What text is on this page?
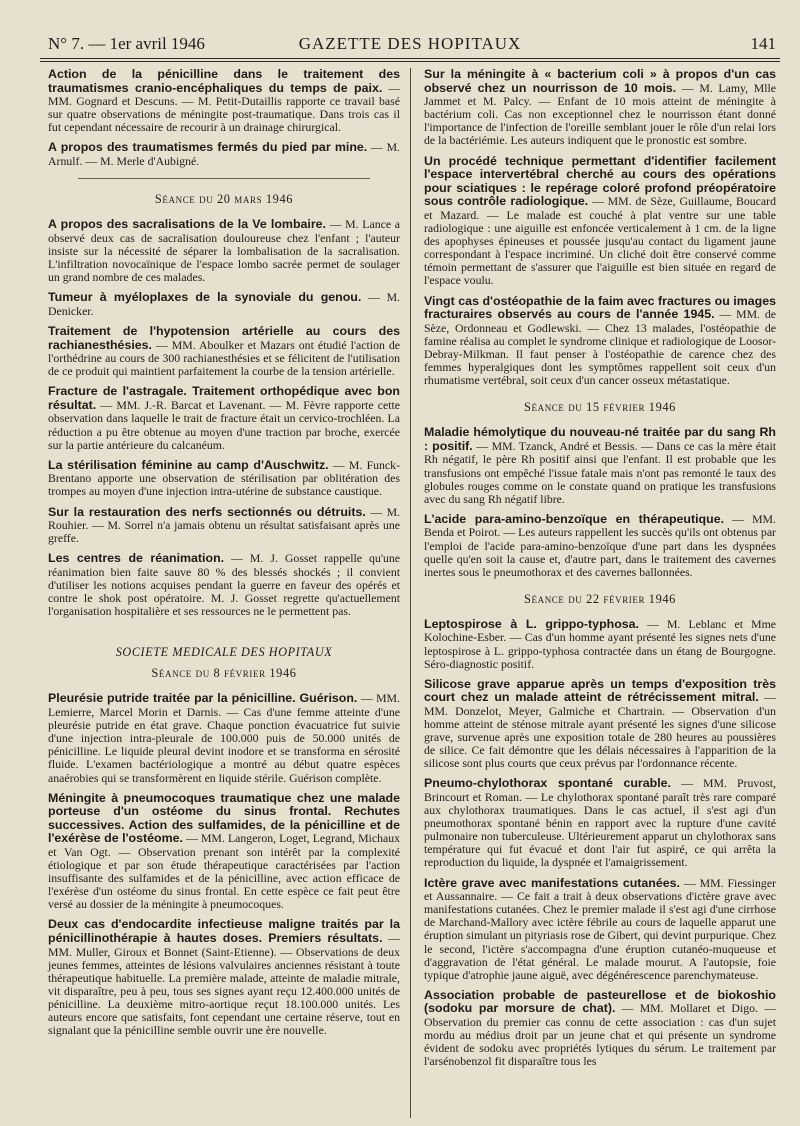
N° 7. — 1er avril 1946	GAZETTE DES HOPITAUX	141
Action de la pénicilline dans le traitement des traumatismes cranio-encéphaliques du temps de paix. — MM. Gognard et Descuns. — M. Petit-Dutaillis rapporte ce travail basé sur quatre observations de méningite post-traumatique. Dans trois cas il fut cependant nécessaire de recourir à un drainage chirurgical.
A propos des traumatismes fermés du pied par mine. — M. Arnulf. — M. Merle d'Aubigné.
Séance du 20 mars 1946
A propos des sacralisations de la Ve lombaire. — M. Lance a observé deux cas de sacralisation douloureuse chez l'enfant ; l'auteur insiste sur la nécessité de séparer la lombalisation de la sacralisation. L'infiltration novocaïnique de l'espace lombo sacrée permet de soulager un grand nombre de ces malades.
Tumeur à myéloplaxes de la synoviale du genou. — M. Denicker.
Traitement de l'hypotension artérielle au cours des rachianesthésies. — MM. Aboulker et Mazars ont étudié l'action de l'orthédrine au cours de 300 rachianesthésies et se félicitent de l'utilisation de ce produit qui maintient parfaitement la courbe de la tension artérielle.
Fracture de l'astragale. Traitement orthopédique avec bon résultat. — MM. J.-R. Barcat et Lavenant. — M. Fèvre rapporte cette observation dans laquelle le trait de fracture était un cervico-trochléen. La réduction a pu être obtenue au moyen d'une traction par broche, exercée sur la partie antérieure du calcanéum.
La stérilisation féminine au camp d'Auschwitz. — M. Funck-Brentano apporte une observation de stérilisation par oblitération des trompes au moyen d'une injection intra-utérine de substance caustique.
Sur la restauration des nerfs sectionnés ou détruits. — M. Rouhier. — M. Sorrel n'a jamais obtenu un résultat satisfaisant après une greffe.
Les centres de réanimation. — M. J. Gosset rappelle qu'une réanimation bien faite sauve 80 % des blessés shockés ; il convient d'utiliser les notions acquises pendant la guerre en faveur des opérés et contre le shok post opératoire. M. J. Gosset regrette qu'actuellement l'organisation hospitalière et ses ressources ne le permettent pas.
SOCIETE MEDICALE DES HOPITAUX
Séance du 8 février 1946
Pleurésie putride traitée par la pénicilline. Guérison. — MM. Lemierre, Marcel Morin et Darnis. — Cas d'une femme atteinte d'une pleurésie putride en état grave. Chaque ponction évacuatrice fut suivie d'une injection intra-pleurale de 100.000 puis de 50.000 unités de pénicilline. Le liquide pleural devint inodore et se transforma en sérosité fluide. L'examen bactériologique a montré au début quatre espèces anaérobies qui se transformèrent en liquide stérile. Guérison complète.
Méningite à pneumocoques traumatique chez une malade porteuse d'un ostéome du sinus frontal. Rechutes successives. Action des sulfamides, de la pénicilline et de l'exérèse de l'ostéome. — MM. Langeron, Loget, Legrand, Michaux et Van Ogt. — Observation prenant son intérêt par la complexité étiologique et par son étude thérapeutique caractérisées par l'action insuffisante des sulfamides et de la pénicilline, avec action efficace de l'exérèse d'un ostéome du sinus frontal. En cette espèce ce fait peut être versé au dossier de la méningite à pneumocoques.
Deux cas d'endocardite infectieuse maligne traités par la pénicillinothérapie à hautes doses. Premiers résultats. — MM. Muller, Giroux et Bonnet (Saint-Etienne). — Observations de deux jeunes femmes, atteintes de lésions valvulaires anciennes résistant à toute thérapeutique habituelle. La première malade, atteinte de maladie mitrale, vit disparaître, peu à peu, tous ses signes ayant reçu 12.400.000 unités de pénicilline. La deuxième mitro-aortique reçut 18.100.000 unités. Les auteurs encore que satisfaits, font cependant une certaine réserve, tout en signalant que la pénicilline semble ouvrir une ère nouvelle.
Sur la méningite à « bacterium coli » à propos d'un cas observé chez un nourrisson de 10 mois. — M. Lamy, Mlle Jammet et M. Palcy. — Enfant de 10 mois atteint de méningite à bactérium coli. Cas non exceptionnel chez le nourrisson étant donné l'importance de l'infection de l'oreille semblant jouer le rôle d'un relai lors de la bactériémie. Les auteurs indiquent que le pronostic est sombre.
Un procédé technique permettant d'identifier facilement l'espace intervertébral cherché au cours des opérations pour sciatiques : le repérage coloré profond préopératoire sous contrôle radiologique. — MM. de Sèze, Guillaume, Boucard et Mazard. — Le malade est couché à plat ventre sur une table radiologique : une aiguille est enfoncée verticalement à 1 cm. de la ligne des apophyses épineuses et poussée jusqu'au contact du ligament jaune correspondant à l'espace incriminé. Un cliché doit être conservé comme témoin permettant de s'assurer que l'aiguille est bien située en regard de l'espace voulu.
Vingt cas d'ostéopathie de la faim avec fractures ou images fracturaires observés au cours de l'année 1945. — MM. de Sèze, Ordonneau et Godlewski. — Chez 13 malades, l'ostéopathie de famine réalisa au complet le syndrome clinique et radiologique de Loosor-Debray-Milkman. Il faut penser à l'ostéopathie de carence chez des femmes hyperalgiques dont les symptômes rappellent soit ceux d'un rhumatisme vertébral, soit ceux d'un cancer osseux métastatique.
Séance du 15 février 1946
Maladie hémolytique du nouveau-né traitée par du sang Rh : positif. — MM. Tzanck, André et Bessis. — Dans ce cas la mère était Rh négatif, le père Rh positif ainsi que l'enfant. Il est probable que les transfusions ont empêché l'issue fatale mais n'ont pas remonté le taux des globules rouges comme on le constate quand on pratique les transfusions avec du sang Rh négatif libre.
L'acide para-amino-benzoïque en thérapeutique. — MM. Benda et Poirot. — Les auteurs rappellent les succès qu'ils ont obtenus par l'emploi de l'acide para-amino-benzoïque d'une part dans les dyspnées quelle qu'en soit la cause et, d'autre part, dans le traitement des cavernes inertes sous le pneumothorax et des cavernes ballonnées.
Séance du 22 février 1946
Leptospirose à L. grippo-typhosa. — M. Leblanc et Mme Kolochine-Esber. — Cas d'un homme ayant présenté les signes nets d'une leptospirose à L. grippo-typhosa contractée dans un étang de Bourgogne. Séro-diagnostic positif.
Silicose grave apparue après un temps d'exposition très court chez un malade atteint de rétrécissement mitral. — MM. Donzelot, Meyer, Galmiche et Chartrain. — Observation d'un homme atteint de sténose mitrale ayant présenté les signes d'une silicose grave, survenue après une exposition totale de 280 heures au poussières de silice. Ce fait démontre que les délais nécessaires à l'apparition de la silicose sont plus courts que ceux prévus par l'ordonnance récente.
Pneumo-chylothorax spontané curable. — MM. Pruvost, Brincourt et Roman. — Le chylothorax spontané paraît très rare comparé aux chylothorax traumatiques. Dans le cas actuel, il s'est agi d'un pneumothorax spontané bénin en rapport avec la rupture d'une cavité pulmonaire non tuberculeuse. Ultérieurement apparut un chylothorax sans température qui fut évacué et dont l'air fut aspiré, ce qui arrêta la reproduction du liquide, la dyspnée et l'amaigrissement.
Ictère grave avec manifestations cutanées. — MM. Fiessinger et Aussannaire. — Ce fait a trait à deux observations d'ictère grave avec manifestations cutanées. Chez le premier malade il s'est agi d'une cirrhose de Marchand-Mallory avec ictère fébrile au cours de laquelle apparut une éruption simulant un pityriasis rose de Gibert, qui devint purpurique. Chez le second, l'ictère s'accompagna d'une éruption cutanéo-muqueuse et d'aggravation de l'état général. Le malade mourut. A l'autopsie, foie typique d'atrophie jaune aiguë, avec dégénérescence parenchymateuse.
Association probable de pasteurellose et de biokoshio (sodoku par morsure de chat). — MM. Mollaret et Digo. — Observation du premier cas connu de cette association : cas d'un sujet mordu au médius droit par un jeune chat et qui présente un syndrome évident de sodoku avec propriétés lytiques du sérum. Le traitement par l'arsénobenzol fit disparaître tous les
